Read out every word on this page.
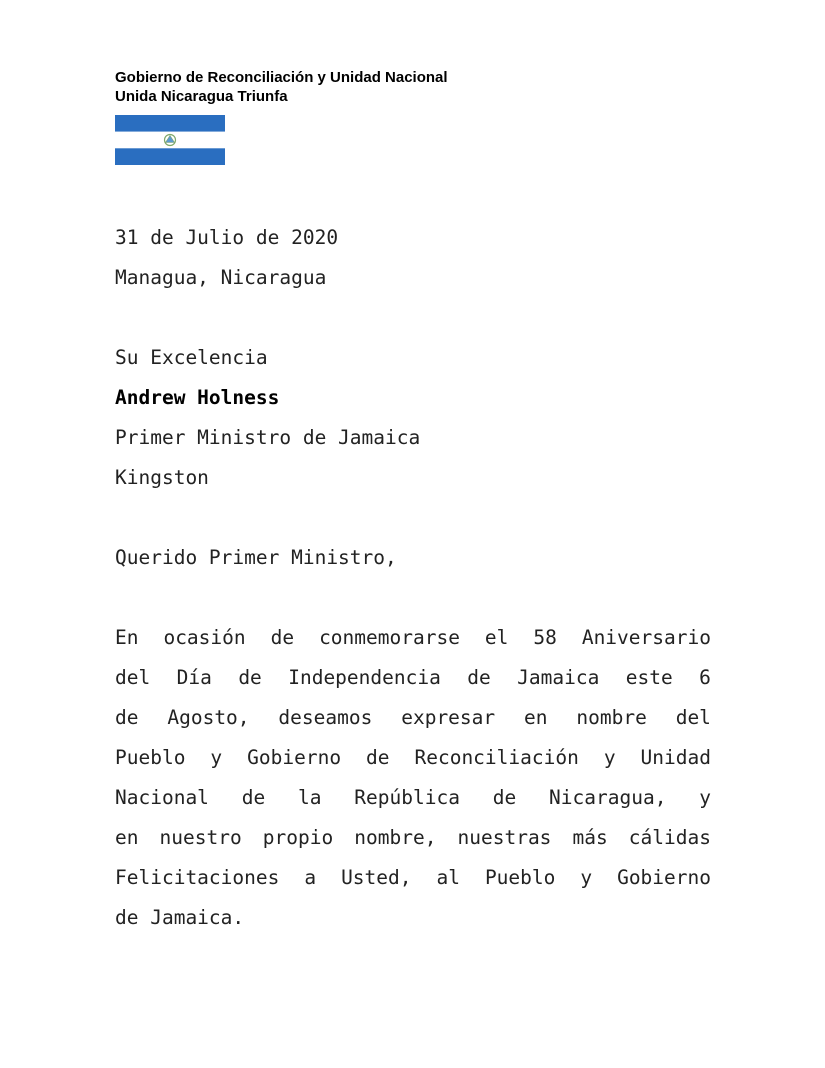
Gobierno de Reconciliación y Unidad Nacional
Unida Nicaragua Triunfa
31 de Julio de 2020
Managua, Nicaragua
Su Excelencia
Andrew Holness
Primer Ministro de Jamaica
Kingston
Querido Primer Ministro,
En ocasión de conmemorarse el 58 Aniversario
del Día de Independencia de Jamaica este 6
de Agosto, deseamos expresar en nombre del
Pueblo y Gobierno de Reconciliación y Unidad
Nacional de la República de Nicaragua, y
en nuestro propio nombre, nuestras más cálidas
Felicitaciones a Usted, al Pueblo y Gobierno
de Jamaica.
